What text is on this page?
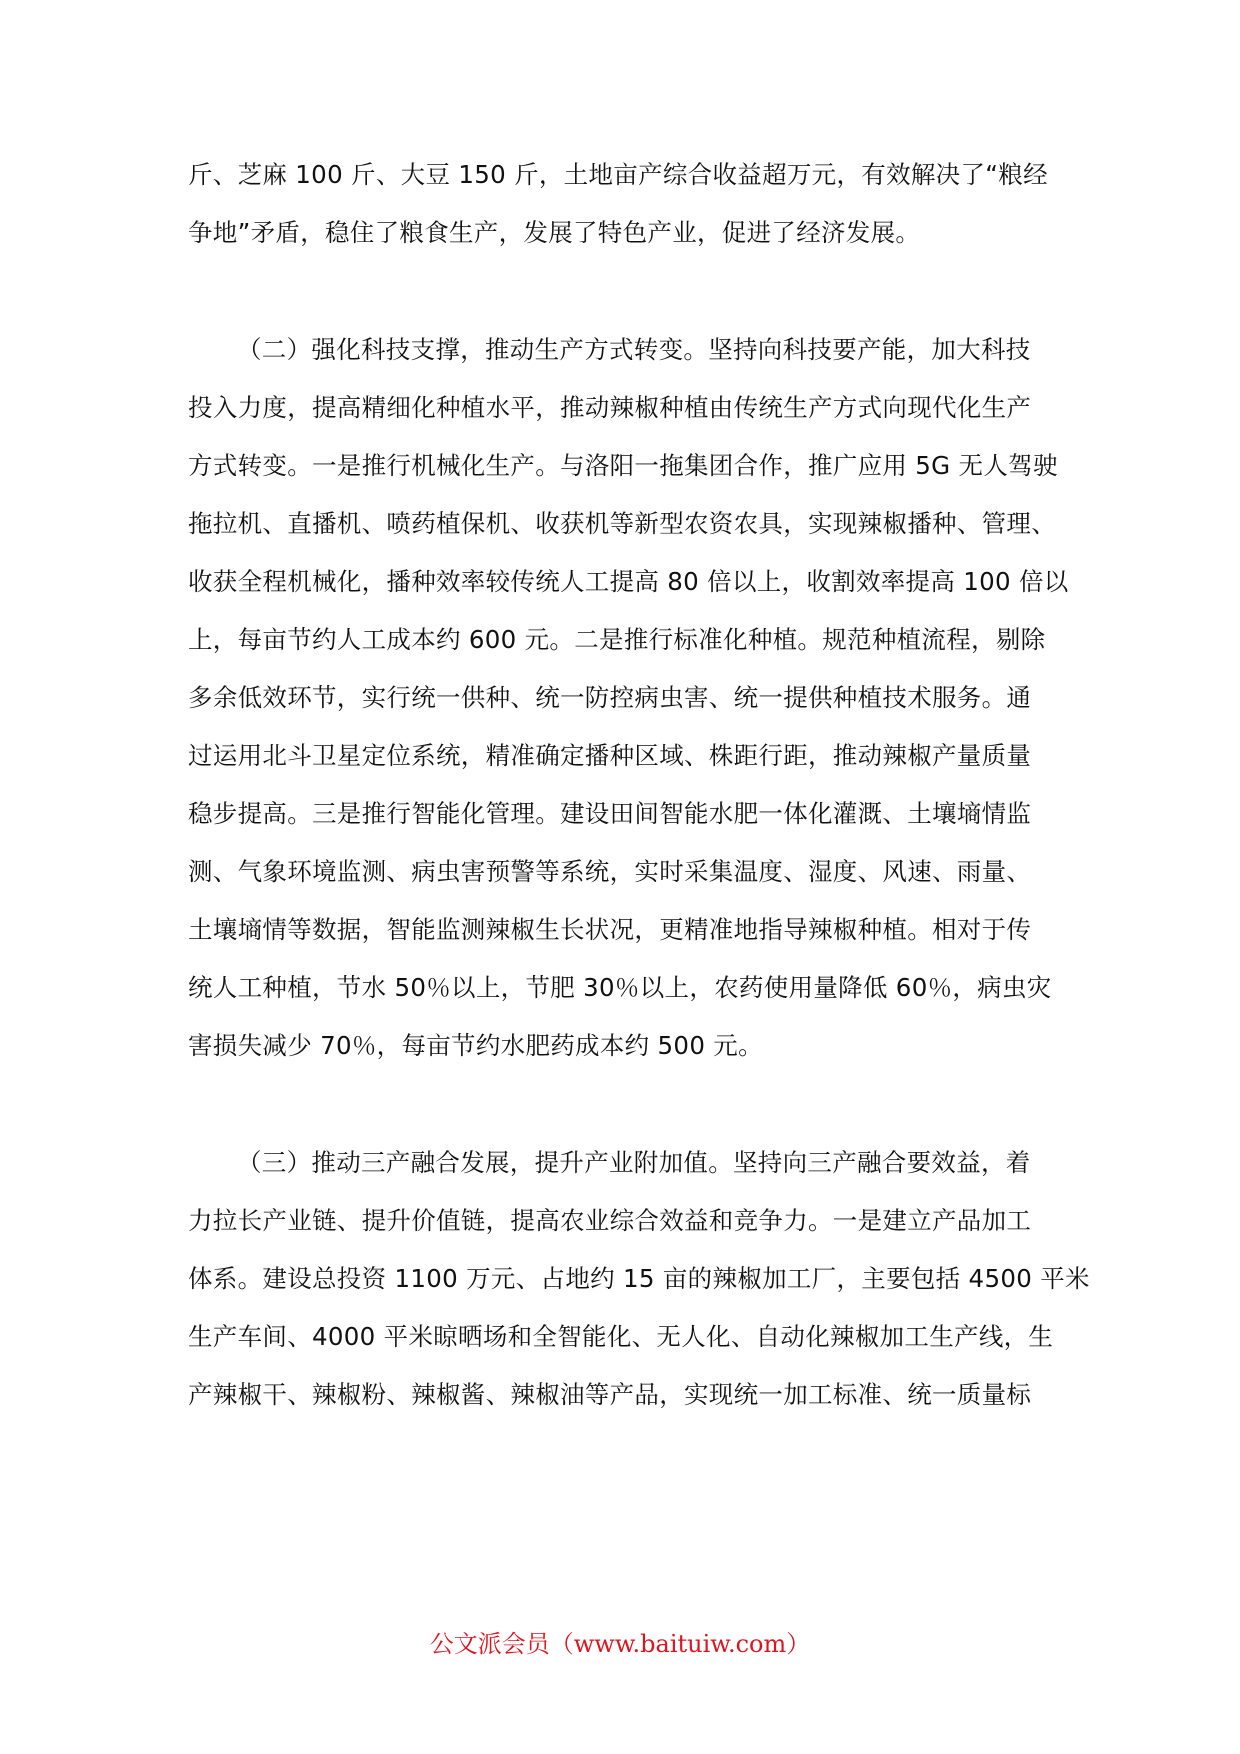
斤、芝麻 100 斤、大豆 150 斤，土地亩产综合收益超万元，有效解决了“粮经
争地”矛盾，稳住了粮食生产，发展了特色产业，促进了经济发展。
（二）强化科技支撑，推动生产方式转变。坚持向科技要产能，加大科技
投入力度，提高精细化种植水平，推动辣椒种植由传统生产方式向现代化生产
方式转变。一是推行机械化生产。与洛阳一拖集团合作，推广应用 5G 无人驾驶
拖拉机、直播机、喷药植保机、收获机等新型农资农具，实现辣椒播种、管理、
收获全程机械化，播种效率较传统人工提高 80 倍以上，收割效率提高 100 倍以
上，每亩节约人工成本约 600 元。二是推行标准化种植。规范种植流程，剔除
多余低效环节，实行统一供种、统一防控病虫害、统一提供种植技术服务。通
过运用北斗卫星定位系统，精准确定播种区域、株距行距，推动辣椒产量质量
稳步提高。三是推行智能化管理。建设田间智能水肥一体化灌溉、土壤墒情监
测、气象环境监测、病虫害预警等系统，实时采集温度、湿度、风速、雨量、
土壤墒情等数据，智能监测辣椒生长状况，更精准地指导辣椒种植。相对于传
统人工种植，节水 50％以上，节肥 30％以上，农药使用量降低 60％，病虫灾
害损失减少 70％，每亩节约水肥药成本约 500 元。
（三）推动三产融合发展，提升产业附加值。坚持向三产融合要效益，着
力拉长产业链、提升价值链，提高农业综合效益和竞争力。一是建立产品加工
体系。建设总投资 1100 万元、占地约 15 亩的辣椒加工厂，主要包括 4500 平米
生产车间、4000 平米晾晒场和全智能化、无人化、自动化辣椒加工生产线，生
产辣椒干、辣椒粉、辣椒酱、辣椒油等产品，实现统一加工标准、统一质量标
公文派会员（www.baituiw.com）
